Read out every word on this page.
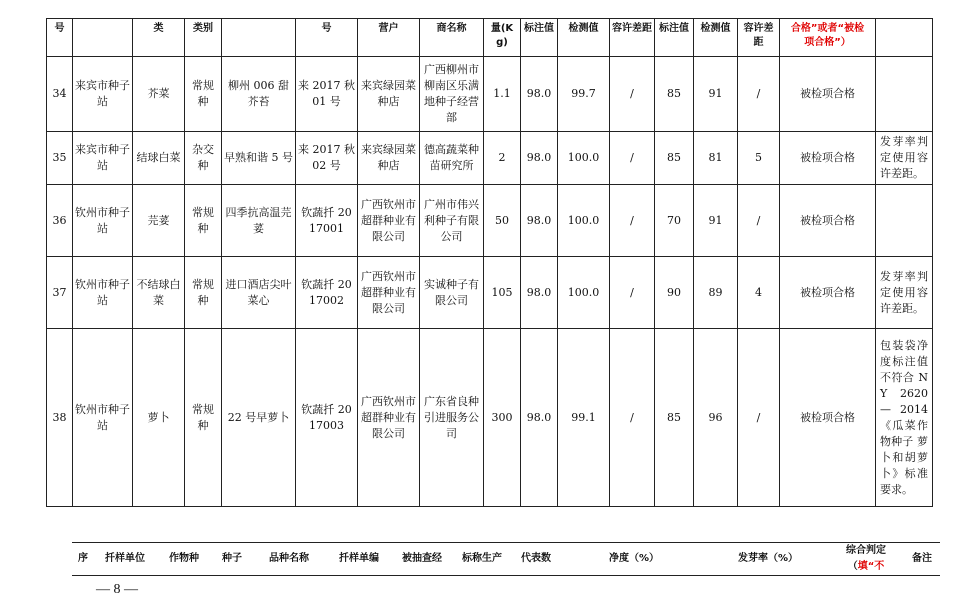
号		类	类别		号	营户	商名称	量(Kg)	标注值	检测值	容许差距	标注值	检测值	容许差距	合格”或者“被检
项合格”）	
34	来宾市种子站	芥菜	常规种	柳州 006 甜芥苔	来 2017 秋 01 号	来宾绿园菜种店	广西柳州市柳南区乐满地种子经营部	1.1	98.0	99.7	/	85	91	/	被检项合格	
35	来宾市种子站	结球白菜	杂交种	早熟和谐 5 号	来 2017 秋 02 号	来宾绿园菜种店	德高蔬菜种苗研究所	2	98.0	100.0	/	85	81	5	被检项合格	发芽率判定使用容许差距。
36	钦州市种子站	芫荽	常规种	四季抗高温芫荽	钦蔬扦 2017001	广西钦州市超群种业有限公司	广州市伟兴利种子有限公司	50	98.0	100.0	/	70	91	/	被检项合格	
37	钦州市种子站	不结球白菜	常规种	进口酒店尖叶菜心	钦蔬扦 2017002	广西钦州市超群种业有限公司	实诚种子有限公司	105	98.0	100.0	/	90	89	4	被检项合格	发芽率判定使用容许差距。
38	钦州市种子站	萝卜	常规种	22 号早萝卜	钦蔬扦 2017003	广西钦州市超群种业有限公司	广东省良种引进服务公司	300	98.0	99.1	/	85	96	/	被检项合格	包装袋净度标注值不符合 NY 2620 — 2014《瓜菜作物种子 萝卜和胡萝卜》标准要求。
序	扦样单位	作物种	种子	品种名称	扦样单编	被抽查经	标称生产	代表数	净度（%）	发芽率（%）	综合判定（填“不	备注
— 8 —
